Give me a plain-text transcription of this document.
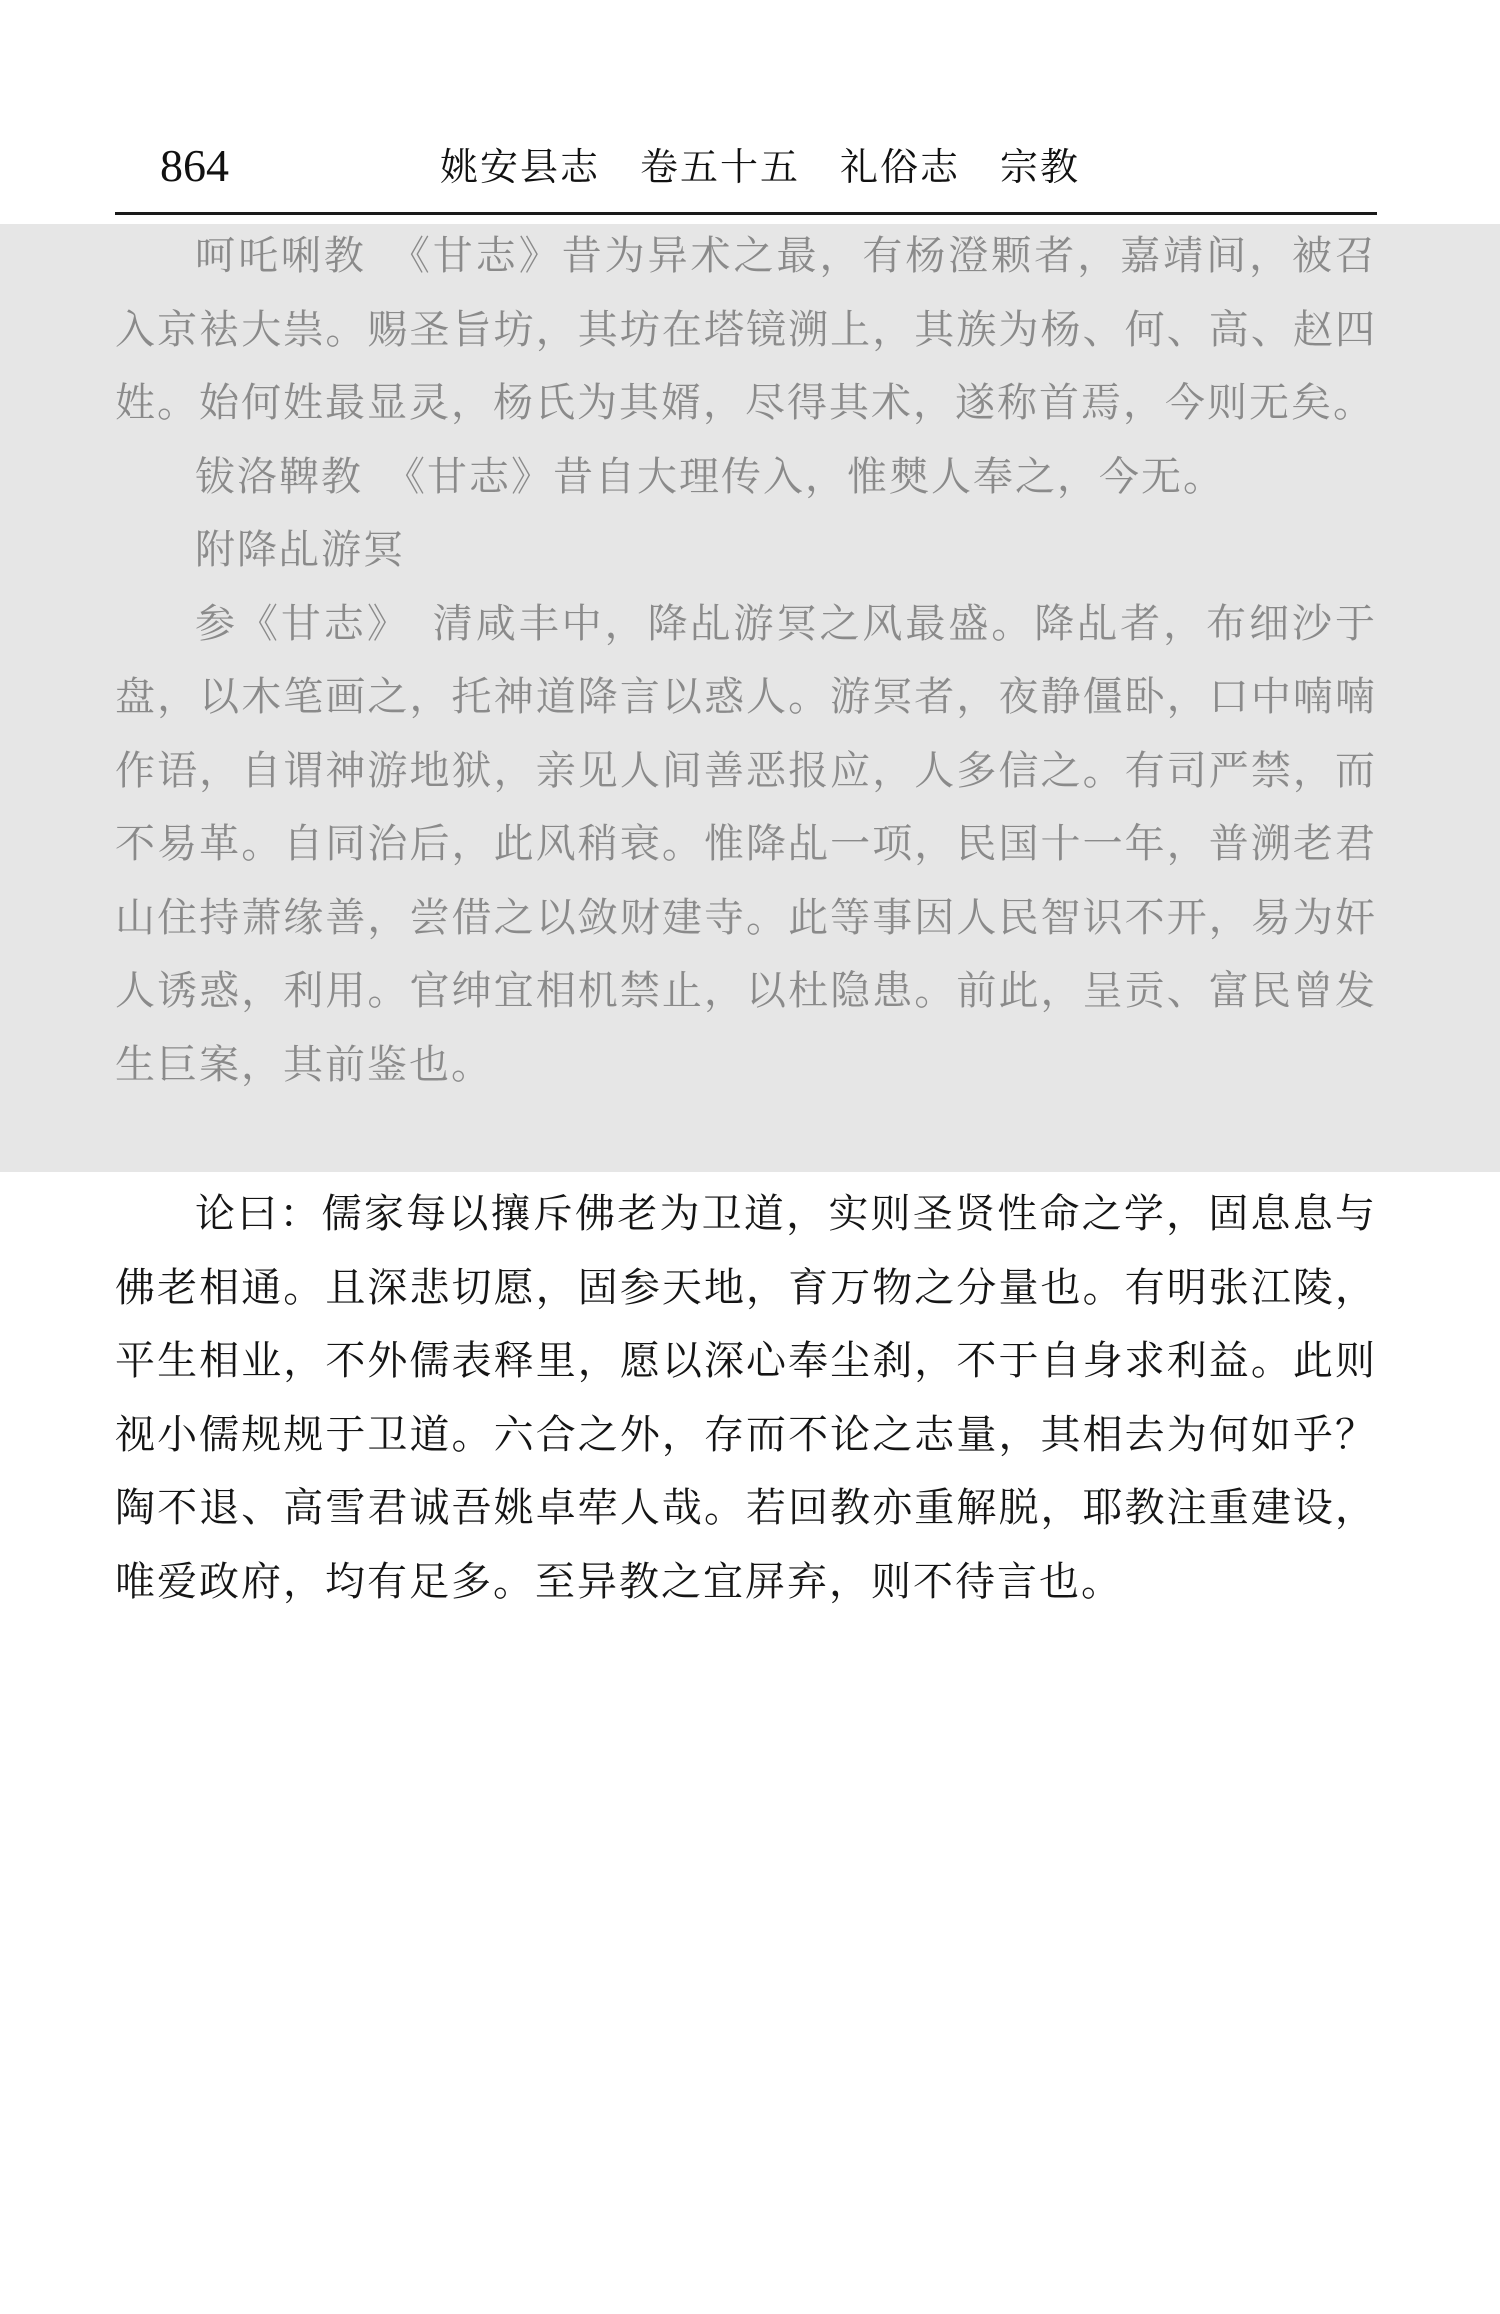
864	姚安县志　卷五十五　礼俗志　宗教

呵吒唎教　《甘志》昔为异术之最，有杨澄颗者，嘉靖间，被召入京袪大祟。赐圣旨坊，其坊在塔镜溯上，其族为杨、何、高、赵四姓。始何姓最显灵，杨氏为其婿，尽得其术，遂称首焉，今则无矣。

钹洛鞞教　《甘志》昔自大理传入，惟僰人奉之，今无。

附降乩游冥

参《甘志》　清咸丰中，降乩游冥之风最盛。降乩者，布细沙于盘，以木笔画之，托神道降言以惑人。游冥者，夜静僵卧，口中喃喃作语，自谓神游地狱，亲见人间善恶报应，人多信之。有司严禁，而不易革。自同治后，此风稍衰。惟降乩一项，民国十一年，普溯老君山住持萧缘善，尝借之以敛财建寺。此等事因人民智识不开，易为奸人诱惑，利用。官绅宜相机禁止，以杜隐患。前此，呈贡、富民曾发生巨案，其前鉴也。

论曰：儒家每以攘斥佛老为卫道，实则圣贤性命之学，固息息与佛老相通。且深悲切愿，固参天地，育万物之分量也。有明张江陵，平生相业，不外儒表释里，愿以深心奉尘刹，不于自身求利益。此则视小儒规规于卫道。六合之外，存而不论之志量，其相去为何如乎？陶不退、高雪君诚吾姚卓荦人哉。若回教亦重解脱，耶教注重建设，唯爱政府，均有足多。至异教之宜屏弃，则不待言也。
